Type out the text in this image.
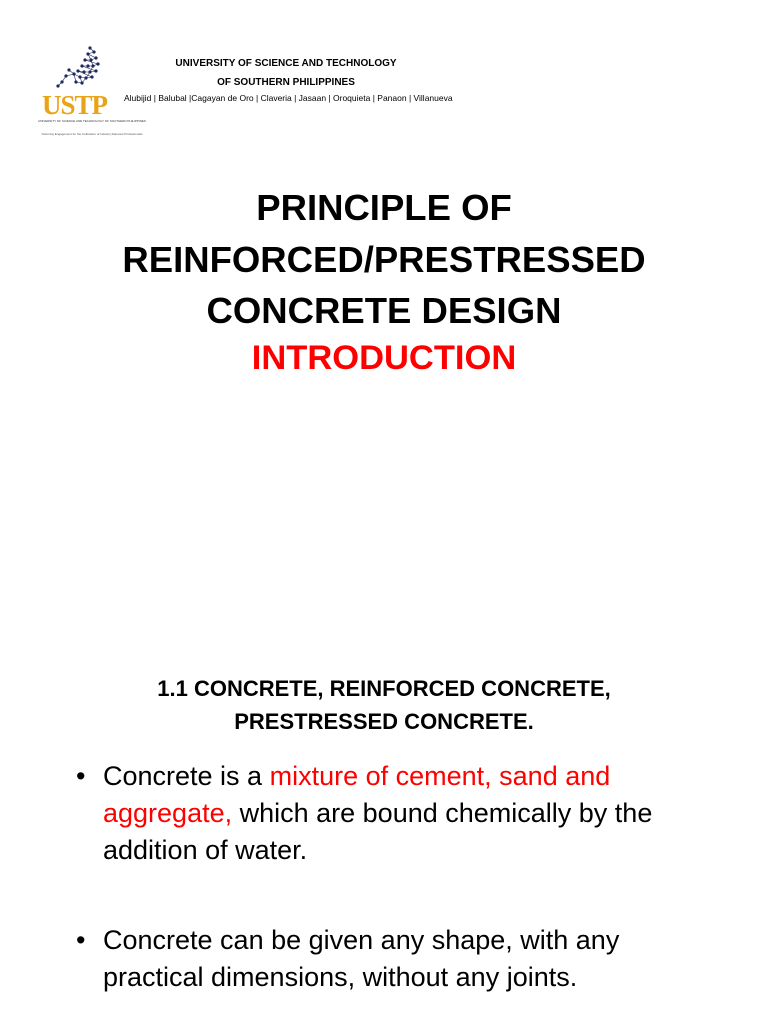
USTP
UNIVERSITY OF SCIENCE AND TECHNOLOGY OF SOUTHERN PHILIPPINES
Nurturing Engagement for the Cultivation of Industry Relevant Professionals
UNIVERSITY OF SCIENCE AND TECHNOLOGY
OF SOUTHERN PHILIPPINES
Alubijid | Balubal |Cagayan de Oro | Claveria | Jasaan | Oroquieta | Panaon | Villanueva
PRINCIPLE OF
REINFORCED/PRESTRESSED
CONCRETE DESIGN
INTRODUCTION
1.1 CONCRETE, REINFORCED CONCRETE,
PRESTRESSED CONCRETE.
• Concrete is a mixture of cement, sand and aggregate, which are bound chemically by the addition of water.
• Concrete can be given any shape, with any practical dimensions, without any joints.
